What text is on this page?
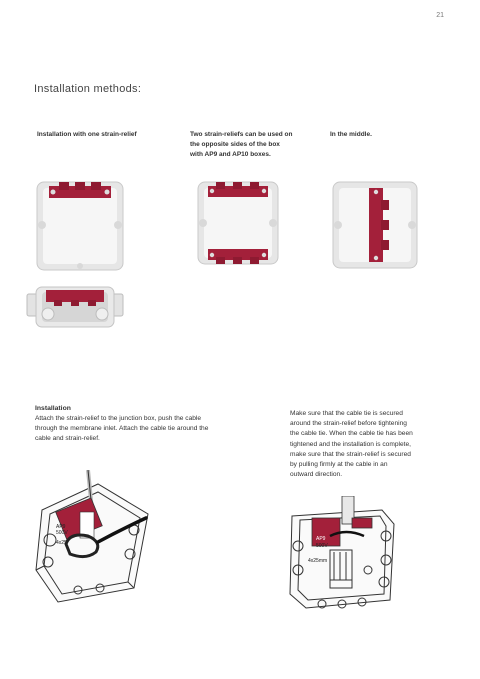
21
Installation methods:
Installation with one strain-relief	Two strain-reliefs can be used on
the opposite sides of the box
with AP9 and AP10 boxes.
In the middle.
Installation
Attach the strain-relief to the junction box, push the cable
through the membrane inlet. Attach the cable tie around the
cable and strain-relief.
Make sure that the cable tie is secured
around the strain-relief before tightening
the cable tie. When the cable tie has been
tightened and the installation is complete,
make sure that the strain-relief is secured
by pulling firmly at the cable in an
outward direction.
AP9
500V
4x25
AP9
500V
4x25mm
